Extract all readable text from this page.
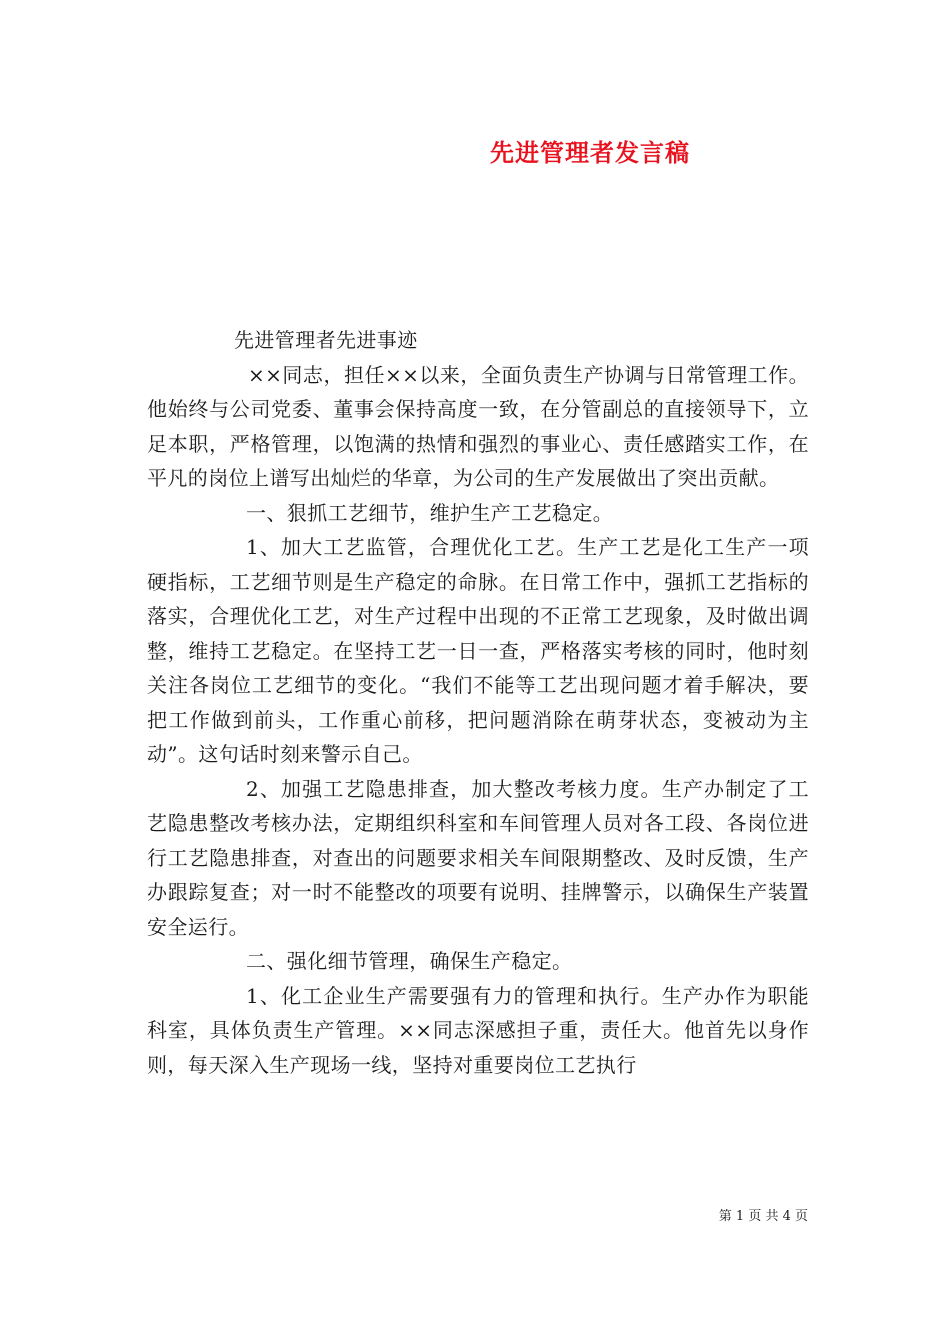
先进管理者发言稿

先进管理者先进事迹

××同志，担任××以来，全面负责生产协调与日常管理工作。他始终与公司党委、董事会保持高度一致，在分管副总的直接领导下，立足本职，严格管理，以饱满的热情和强烈的事业心、责任感踏实工作，在平凡的岗位上谱写出灿烂的华章，为公司的生产发展做出了突出贡献。

一、狠抓工艺细节，维护生产工艺稳定。

1、加大工艺监管，合理优化工艺。生产工艺是化工生产一项硬指标，工艺细节则是生产稳定的命脉。在日常工作中，强抓工艺指标的落实，合理优化工艺，对生产过程中出现的不正常工艺现象，及时做出调整，维持工艺稳定。在坚持工艺一日一查，严格落实考核的同时，他时刻关注各岗位工艺细节的变化。“我们不能等工艺出现问题才着手解决，要把工作做到前头，工作重心前移，把问题消除在萌芽状态，变被动为主动”。这句话时刻来警示自己。

2、加强工艺隐患排查，加大整改考核力度。生产办制定了工艺隐患整改考核办法，定期组织科室和车间管理人员对各工段、各岗位进行工艺隐患排查，对查出的问题要求相关车间限期整改、及时反馈，生产办跟踪复查；对一时不能整改的项要有说明、挂牌警示，以确保生产装置安全运行。

二、强化细节管理，确保生产稳定。

1、化工企业生产需要强有力的管理和执行。生产办作为职能科室，具体负责生产管理。××同志深感担子重，责任大。他首先以身作则，每天深入生产现场一线，坚持对重要岗位工艺执行

第 1 页 共 4 页
